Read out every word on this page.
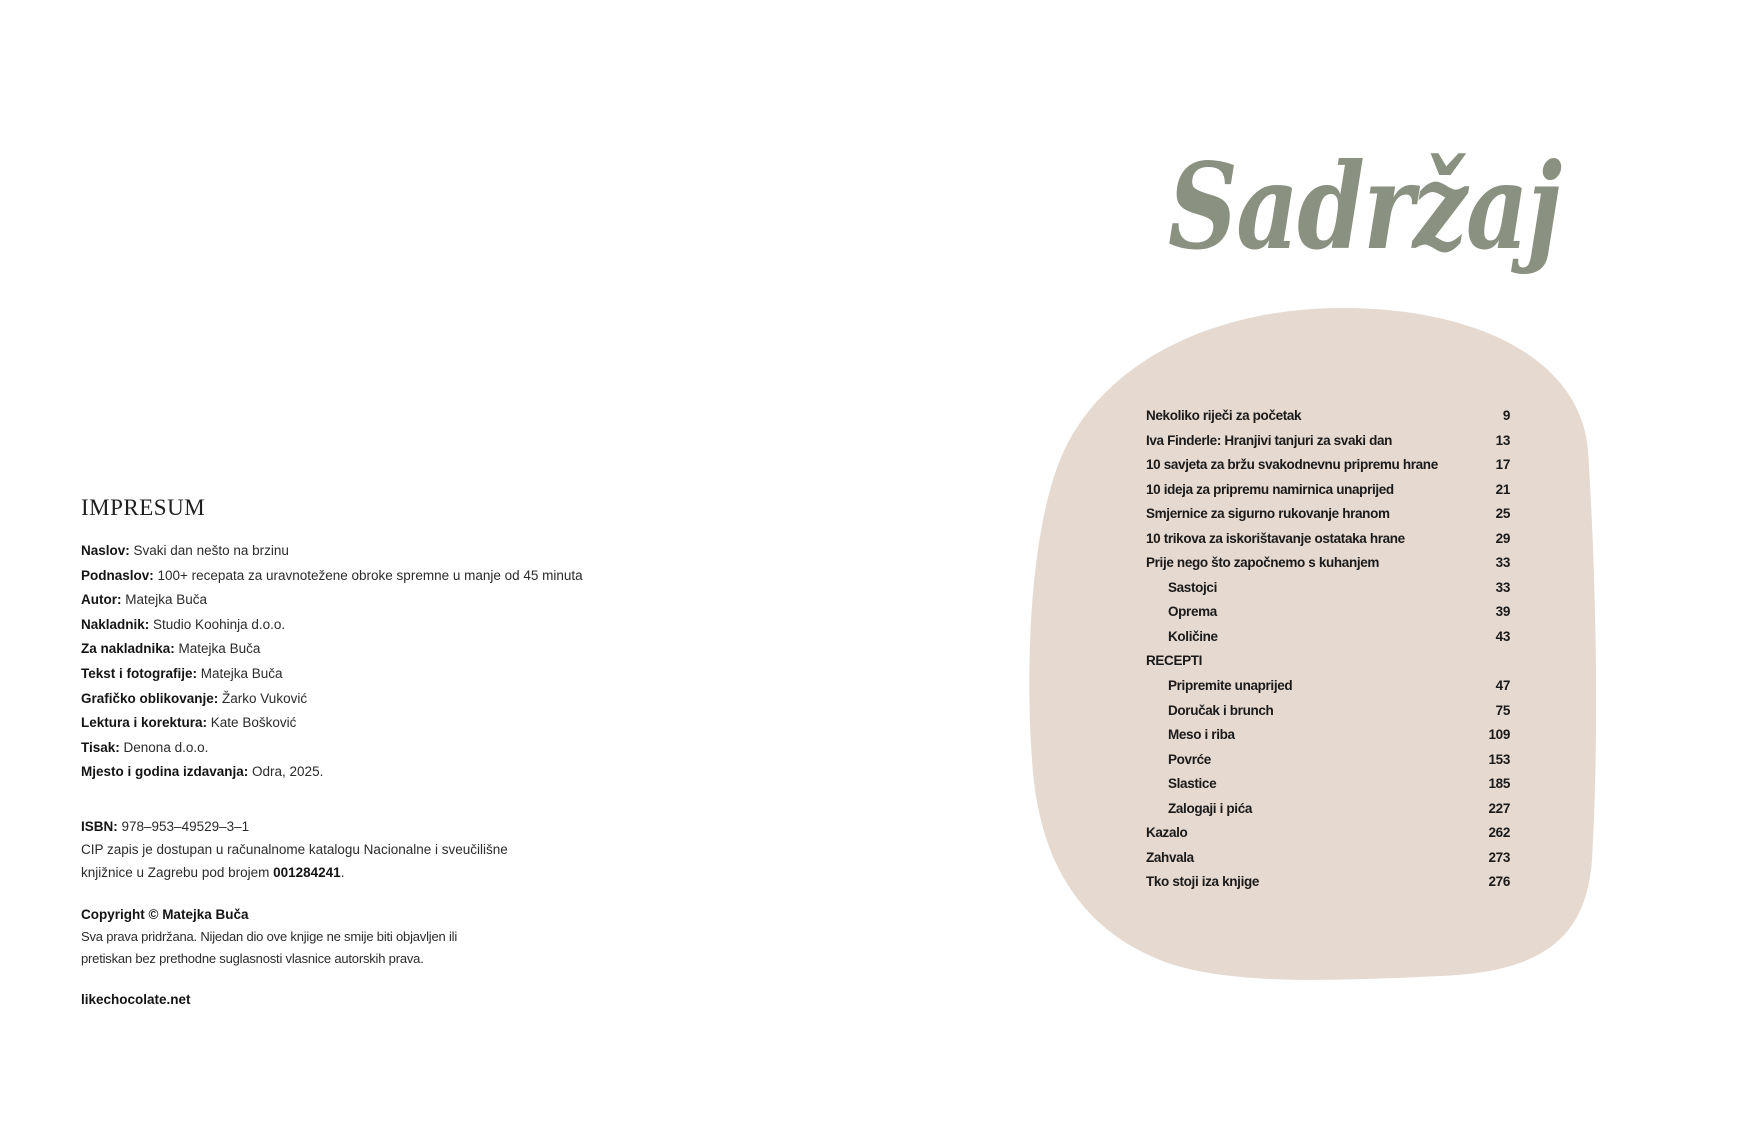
IMPRESUM
Naslov: Svaki dan nešto na brzinu
Podnaslov: 100+ recepata za uravnotežene obroke spremne u manje od 45 minuta
Autor: Matejka Buča
Nakladnik: Studio Koohinja d.o.o.
Za nakladnika: Matejka Buča
Tekst i fotografije: Matejka Buča
Grafičko oblikovanje: Žarko Vuković
Lektura i korektura: Kate Bošković
Tisak: Denona d.o.o.
Mjesto i godina izdavanja: Odra, 2025.
ISBN: 978–953–49529–3–1
CIP zapis je dostupan u računalnome katalogu Nacionalne i sveučilišne
knjižnice u Zagrebu pod brojem 001284241.
Copyright © Matejka Buča
Sva prava pridržana. Nijedan dio ove knjige ne smije biti objavljen ili
pretiskan bez prethodne suglasnosti vlasnice autorskih prava.
likechocolate.net
Sadržaj
Nekoliko riječi za početak	9
Iva Finderle: Hranjivi tanjuri za svaki dan	13
10 savjeta za bržu svakodnevnu pripremu hrane	17
10 ideja za pripremu namirnica unaprijed	21
Smjernice za sigurno rukovanje hranom	25
10 trikova za iskorištavanje ostataka hrane	29
Prije nego što započnemo s kuhanjem	33
Sastojci	33
Oprema	39
Količine	43
RECEPTI
Pripremite unaprijed	47
Doručak i brunch	75
Meso i riba	109
Povrće	153
Slastice	185
Zalogaji i pića	227
Kazalo	262
Zahvala	273
Tko stoji iza knjige	276
